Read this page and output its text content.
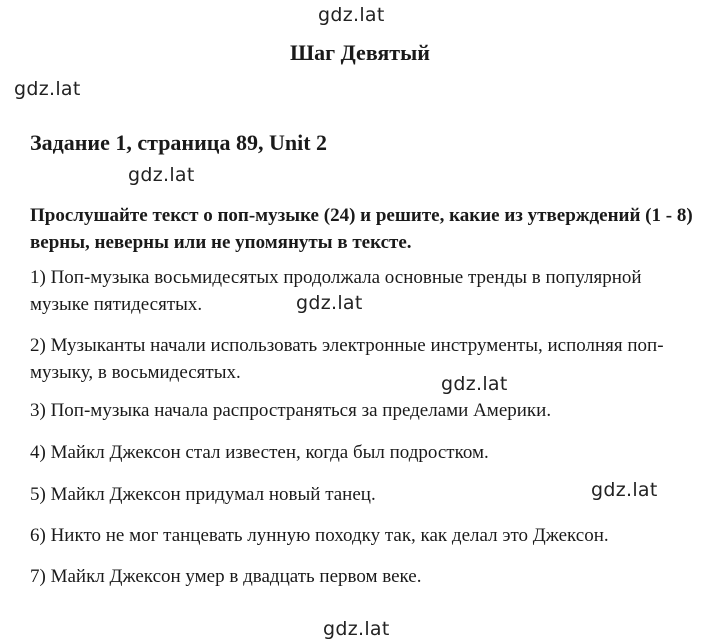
gdz.lat
gdz.lat
gdz.lat
gdz.lat
gdz.lat
gdz.lat
gdz.lat
Шаг Девятый
Задание 1, страница 89, Unit 2
Прослушайте текст о поп-музыке (24) и решите, какие из утверждений (1 - 8) верны, неверны или не упомянуты в тексте.
1) Поп-музыка восьмидесятых продолжала основные тренды в популярной музыке пятидесятых.
2) Музыканты начали использовать электронные инструменты, исполняя поп-музыку, в восьмидесятых.
3) Поп-музыка начала распространяться за пределами Америки.
4) Майкл Джексон стал известен, когда был подростком.
5) Майкл Джексон придумал новый танец.
6) Никто не мог танцевать лунную походку так, как делал это Джексон.
7) Майкл Джексон умер в двадцать первом веке.
